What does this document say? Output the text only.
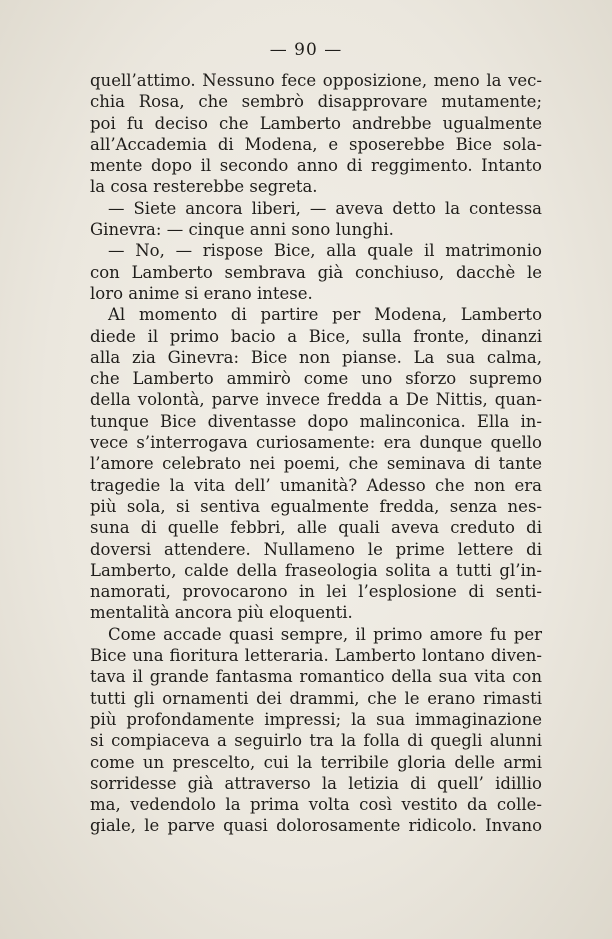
— 90 —
quell’attimo. Nessuno fece opposizione, meno la vec-
chia Rosa, che sembrò disapprovare mutamente;
poi fu deciso che Lamberto andrebbe ugualmente
all’Accademia di Modena, e sposerebbe Bice sola-
mente dopo il secondo anno di reggimento. Intanto
la cosa resterebbe segreta.
— Siete ancora liberi, — aveva detto la contessa
Ginevra: — cinque anni sono lunghi.
— No, — rispose Bice, alla quale il matrimonio
con Lamberto sembrava già conchiuso, dacchè le
loro anime si erano intese.
Al momento di partire per Modena, Lamberto
diede il primo bacio a Bice, sulla fronte, dinanzi
alla zia Ginevra: Bice non pianse. La sua calma,
che Lamberto ammirò come uno sforzo supremo
della volontà, parve invece fredda a De Nittis, quan-
tunque Bice diventasse dopo malinconica. Ella in-
vece s’interrogava curiosamente: era dunque quello
l’amore celebrato nei poemi, che seminava di tante
tragedie la vita dell’ umanità? Adesso che non era
più sola, si sentiva egualmente fredda, senza nes-
suna di quelle febbri, alle quali aveva creduto di
doversi attendere. Nullameno le prime lettere di
Lamberto, calde della fraseologia solita a tutti gl’in-
namorati, provocarono in lei l’esplosione di senti-
mentalità ancora più eloquenti.
Come accade quasi sempre, il primo amore fu per
Bice una fioritura letteraria. Lamberto lontano diven-
tava il grande fantasma romantico della sua vita con
tutti gli ornamenti dei drammi, che le erano rimasti
più profondamente impressi; la sua immaginazione
si compiaceva a seguirlo tra la folla di quegli alunni
come un prescelto, cui la terribile gloria delle armi
sorridesse già attraverso la letizia di quell’ idillio
ma, vedendolo la prima volta così vestito da colle-
giale, le parve quasi dolorosamente ridicolo. Invano
